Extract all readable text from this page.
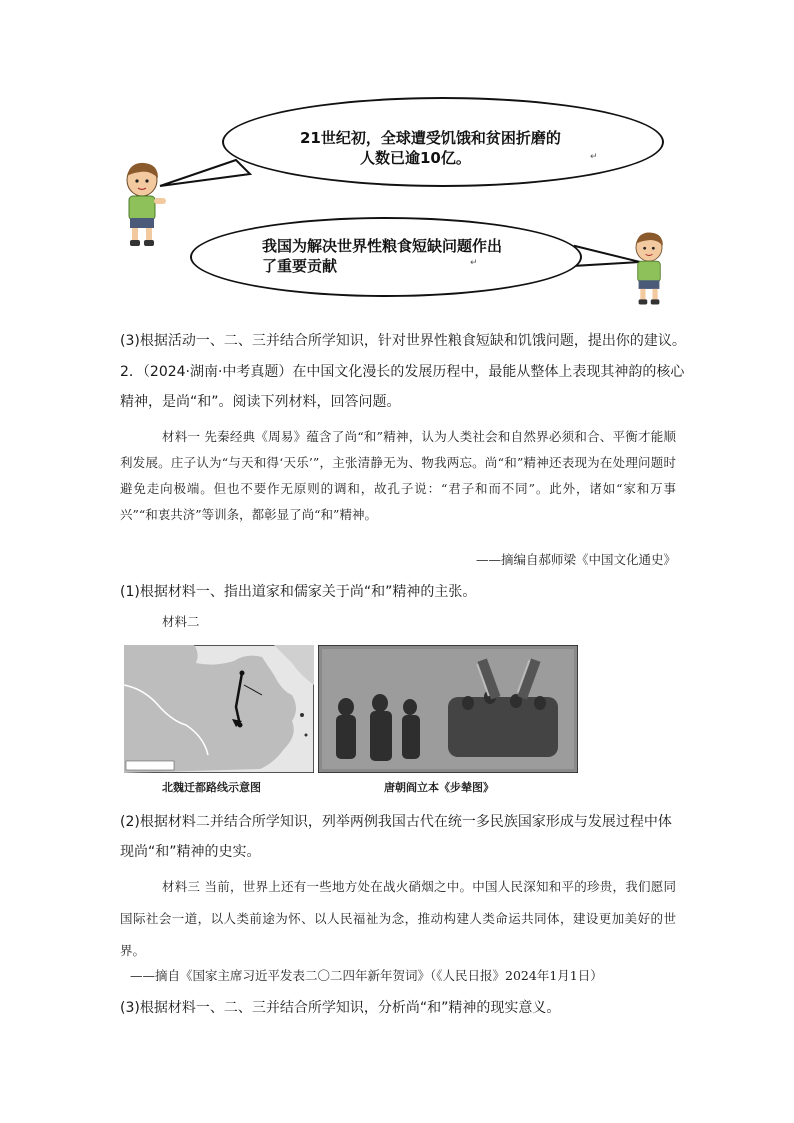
21世纪初，全球遭受饥饿和贫困折磨的
人数已逾10亿。	↵
我国为解决世界性粮食短缺问题作出
了重要贡献	↵
(3)根据活动一、二、三并结合所学知识，针对世界性粮食短缺和饥饿问题，提出你的建议。
2．（2024·湖南·中考真题）在中国文化漫长的发展历程中，最能从整体上表现其神韵的核心
精神，是尚“和”。阅读下列材料，回答问题。
材料一 先秦经典《周易》蕴含了尚“和”精神，认为人类社会和自然界必须和合、平衡才能顺利发展。庄子认为“与天和得‘天乐’”，主张清静无为、物我两忘。尚“和”精神还表现为在处理问题时避免走向极端。但也不要作无原则的调和，故孔子说：“君子和而不同”。此外，诸如“家和万事兴”“和衷共济”等训条，都彰显了尚“和”精神。
——摘编自郝师梁《中国文化通史》
(1)根据材料一、指出道家和儒家关于尚“和”精神的主张。
材料二
北魏迁都路线示意图	唐朝阎立本《步辇图》
(2)根据材料二并结合所学知识，列举两例我国古代在统一多民族国家形成与发展过程中体
现尚“和”精神的史实。
材料三 当前，世界上还有一些地方处在战火硝烟之中。中国人民深知和平的珍贵，我们愿同国际社会一道，以人类前途为怀、以人民福祉为念，推动构建人类命运共同体，建设更加美好的世界。
——摘自《国家主席习近平发表二〇二四年新年贺词》（《人民日报》2024年1月1日）
(3)根据材料一、二、三并结合所学知识，分析尚“和”精神的现实意义。
